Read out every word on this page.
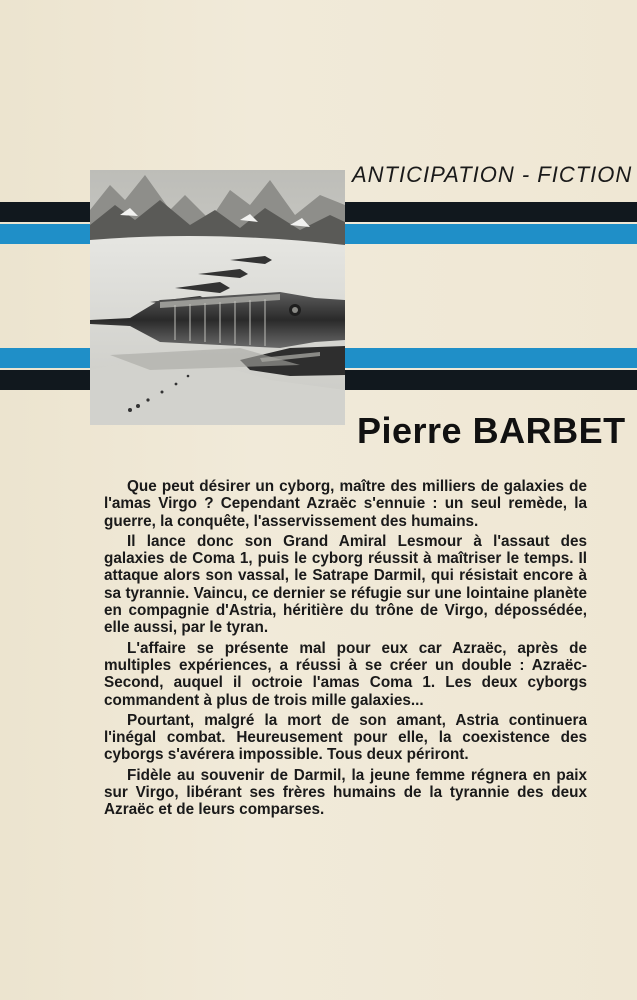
ANTICIPATION - FICTION
Pierre BARBET

Que peut désirer un cyborg, maître des milliers de galaxies de l'amas Virgo ? Cependant Azraëc s'ennuie : un seul remède, la guerre, la conquête, l'asservissement des humains.

Il lance donc son Grand Amiral Lesmour à l'assaut des galaxies de Coma 1, puis le cyborg réussit à maîtriser le temps. Il attaque alors son vassal, le Satrape Darmil, qui résistait encore à sa tyrannie. Vaincu, ce dernier se réfugie sur une lointaine planète en compagnie d'Astria, héritière du trône de Virgo, dépossédée, elle aussi, par le tyran.

L'affaire se présente mal pour eux car Azraëc, après de multiples expériences, a réussi à se créer un double : Azraëc-Second, auquel il octroie l'amas Coma 1. Les deux cyborgs commandent à plus de trois mille galaxies...

Pourtant, malgré la mort de son amant, Astria continuera l'inégal combat. Heureusement pour elle, la coexistence des cyborgs s'avérera impossible. Tous deux périront.

Fidèle au souvenir de Darmil, la jeune femme régnera en paix sur Virgo, libérant ses frères humains de la tyrannie des deux Azraëc et de leurs comparses.
